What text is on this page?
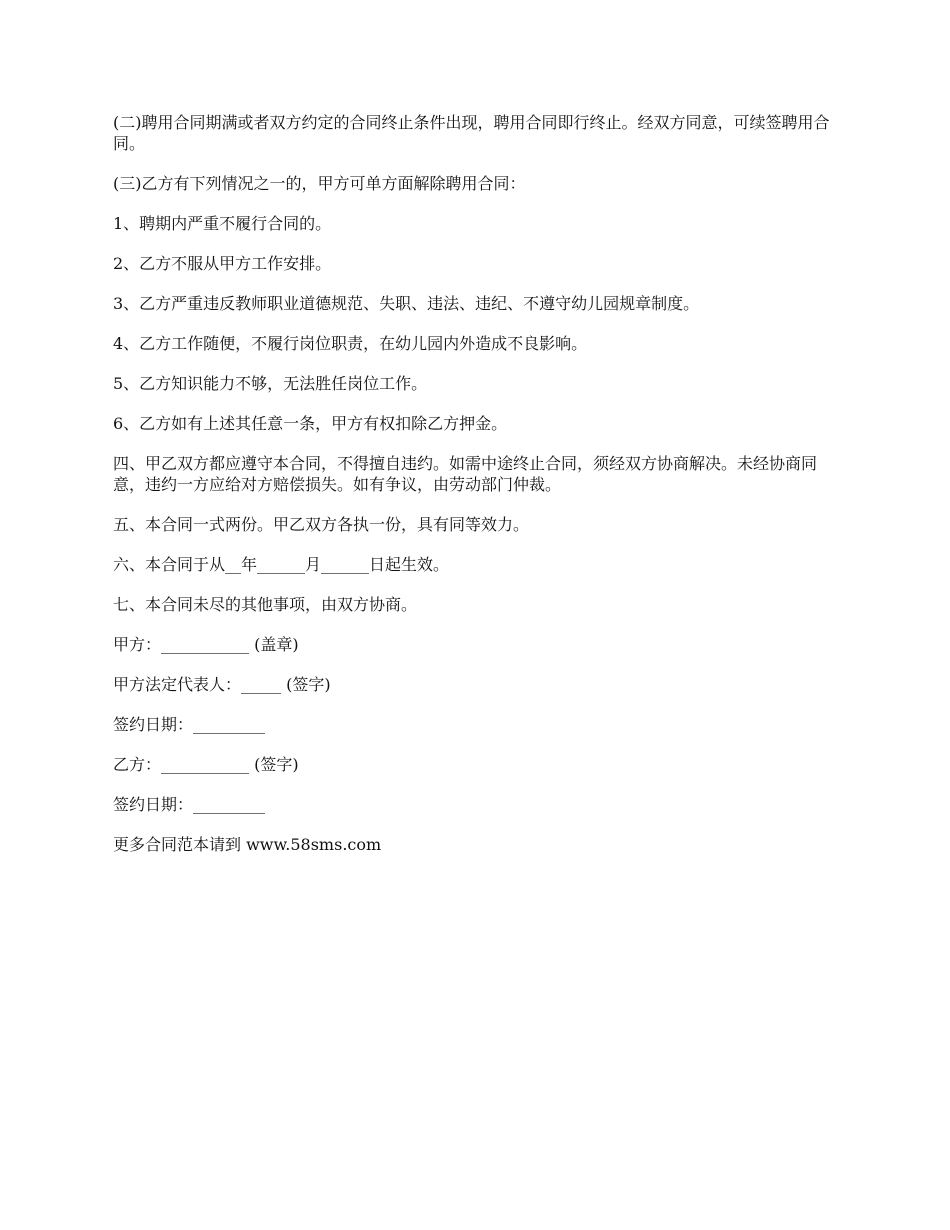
(二)聘用合同期满或者双方约定的合同终止条件出现，聘用合同即行终止。经双方同意，可续签聘用合同。

(三)乙方有下列情况之一的，甲方可单方面解除聘用合同：

1、聘期内严重不履行合同的。

2、乙方不服从甲方工作安排。

3、乙方严重违反教师职业道德规范、失职、违法、违纪、不遵守幼儿园规章制度。

4、乙方工作随便，不履行岗位职责，在幼儿园内外造成不良影响。

5、乙方知识能力不够，无法胜任岗位工作。

6、乙方如有上述其任意一条，甲方有权扣除乙方押金。

四、甲乙双方都应遵守本合同，不得擅自违约。如需中途终止合同，须经双方协商解决。未经协商同意，违约一方应给对方赔偿损失。如有争议，由劳动部门仲裁。

五、本合同一式两份。甲乙双方各执一份，具有同等效力。

六、本合同于从__年______月______日起生效。

七、本合同未尽的其他事项，由双方协商。

甲方：___________ (盖章)

甲方法定代表人：_____ (签字)

签约日期：_________

乙方：___________ (签字)

签约日期：_________

更多合同范本请到 www.58sms.com
